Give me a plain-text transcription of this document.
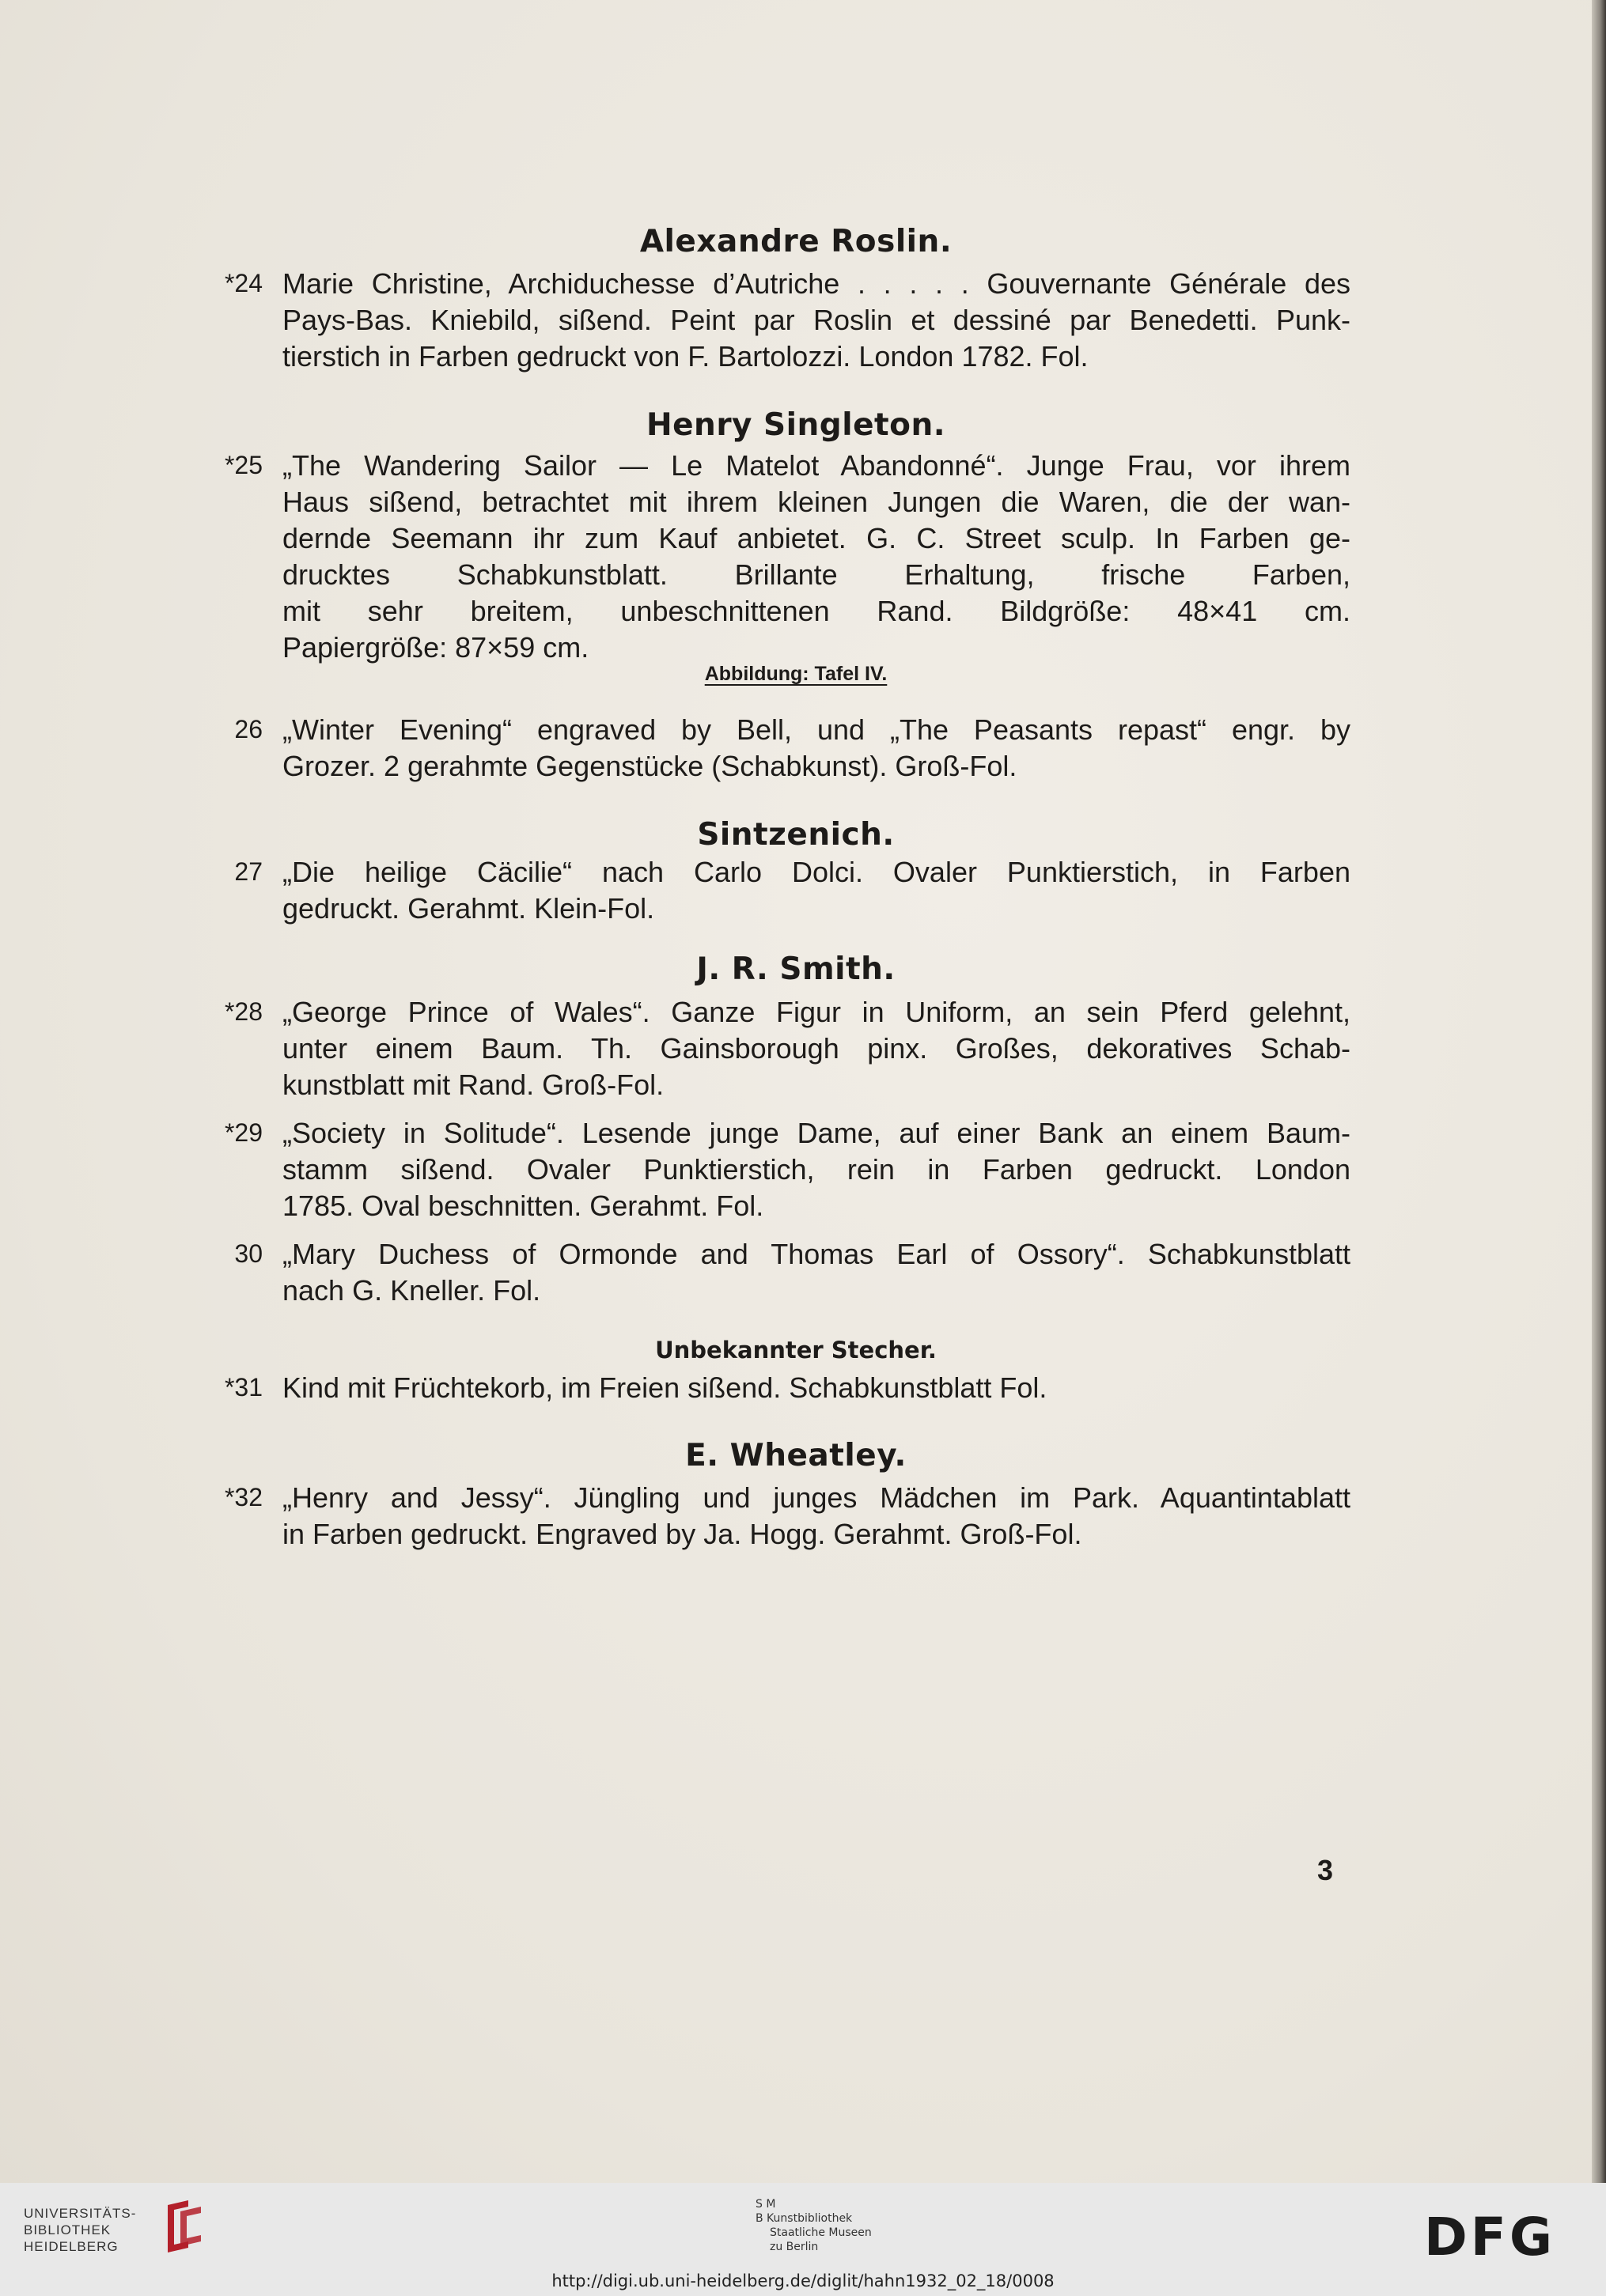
Alexandre Roslin.
*24 Marie Christine, Archiduchesse d’Autriche . . . . . Gouvernante Générale des
Pays-Bas. Kniebild, sißend. Peint par Roslin et dessiné par Benedetti. Punk-
tierstich in Farben gedruckt von F. Bartolozzi. London 1782. Fol.
Henry Singleton.
*25 „The Wandering Sailor — Le Matelot Abandonné“. Junge Frau, vor ihrem
Haus sißend, betrachtet mit ihrem kleinen Jungen die Waren, die der wan-
dernde Seemann ihr zum Kauf anbietet. G. C. Street sculp. In Farben ge-
drucktes Schabkunstblatt. Brillante Erhaltung, frische Farben,
mit sehr breitem, unbeschnittenen Rand. Bildgröße: 48×41 cm.
Papiergröße: 87×59 cm.
Abbildung: Tafel IV.
26 „Winter Evening“ engraved by Bell, und „The Peasants repast“ engr. by
Grozer. 2 gerahmte Gegenstücke (Schabkunst). Groß-Fol.
Sintzenich.
27 „Die heilige Cäcilie“ nach Carlo Dolci. Ovaler Punktierstich, in Farben
gedruckt. Gerahmt. Klein-Fol.
J. R. Smith.
*28 „George Prince of Wales“. Ganze Figur in Uniform, an sein Pferd gelehnt,
unter einem Baum. Th. Gainsborough pinx. Großes, dekoratives Schab-
kunstblatt mit Rand. Groß-Fol.
*29 „Society in Solitude“. Lesende junge Dame, auf einer Bank an einem Baum-
stamm sißend. Ovaler Punktierstich, rein in Farben gedruckt. London
1785. Oval beschnitten. Gerahmt. Fol.
30 „Mary Duchess of Ormonde and Thomas Earl of Ossory“. Schabkunstblatt
nach G. Kneller. Fol.
Unbekannter Stecher.
*31 Kind mit Früchtekorb, im Freien sißend. Schabkunstblatt Fol.
E. Wheatley.
*32 „Henry and Jessy“. Jüngling und junges Mädchen im Park. Aquantintablatt
in Farben gedruckt. Engraved by Ja. Hogg. Gerahmt. Groß-Fol.
3
UNIVERSITÄTS-
BIBLIOTHEK
HEIDELBERG
S M
B Kunstbibliothek
Staatliche Museen
zu Berlin	DFG
http://digi.ub.uni-heidelberg.de/diglit/hahn1932_02_18/0008
